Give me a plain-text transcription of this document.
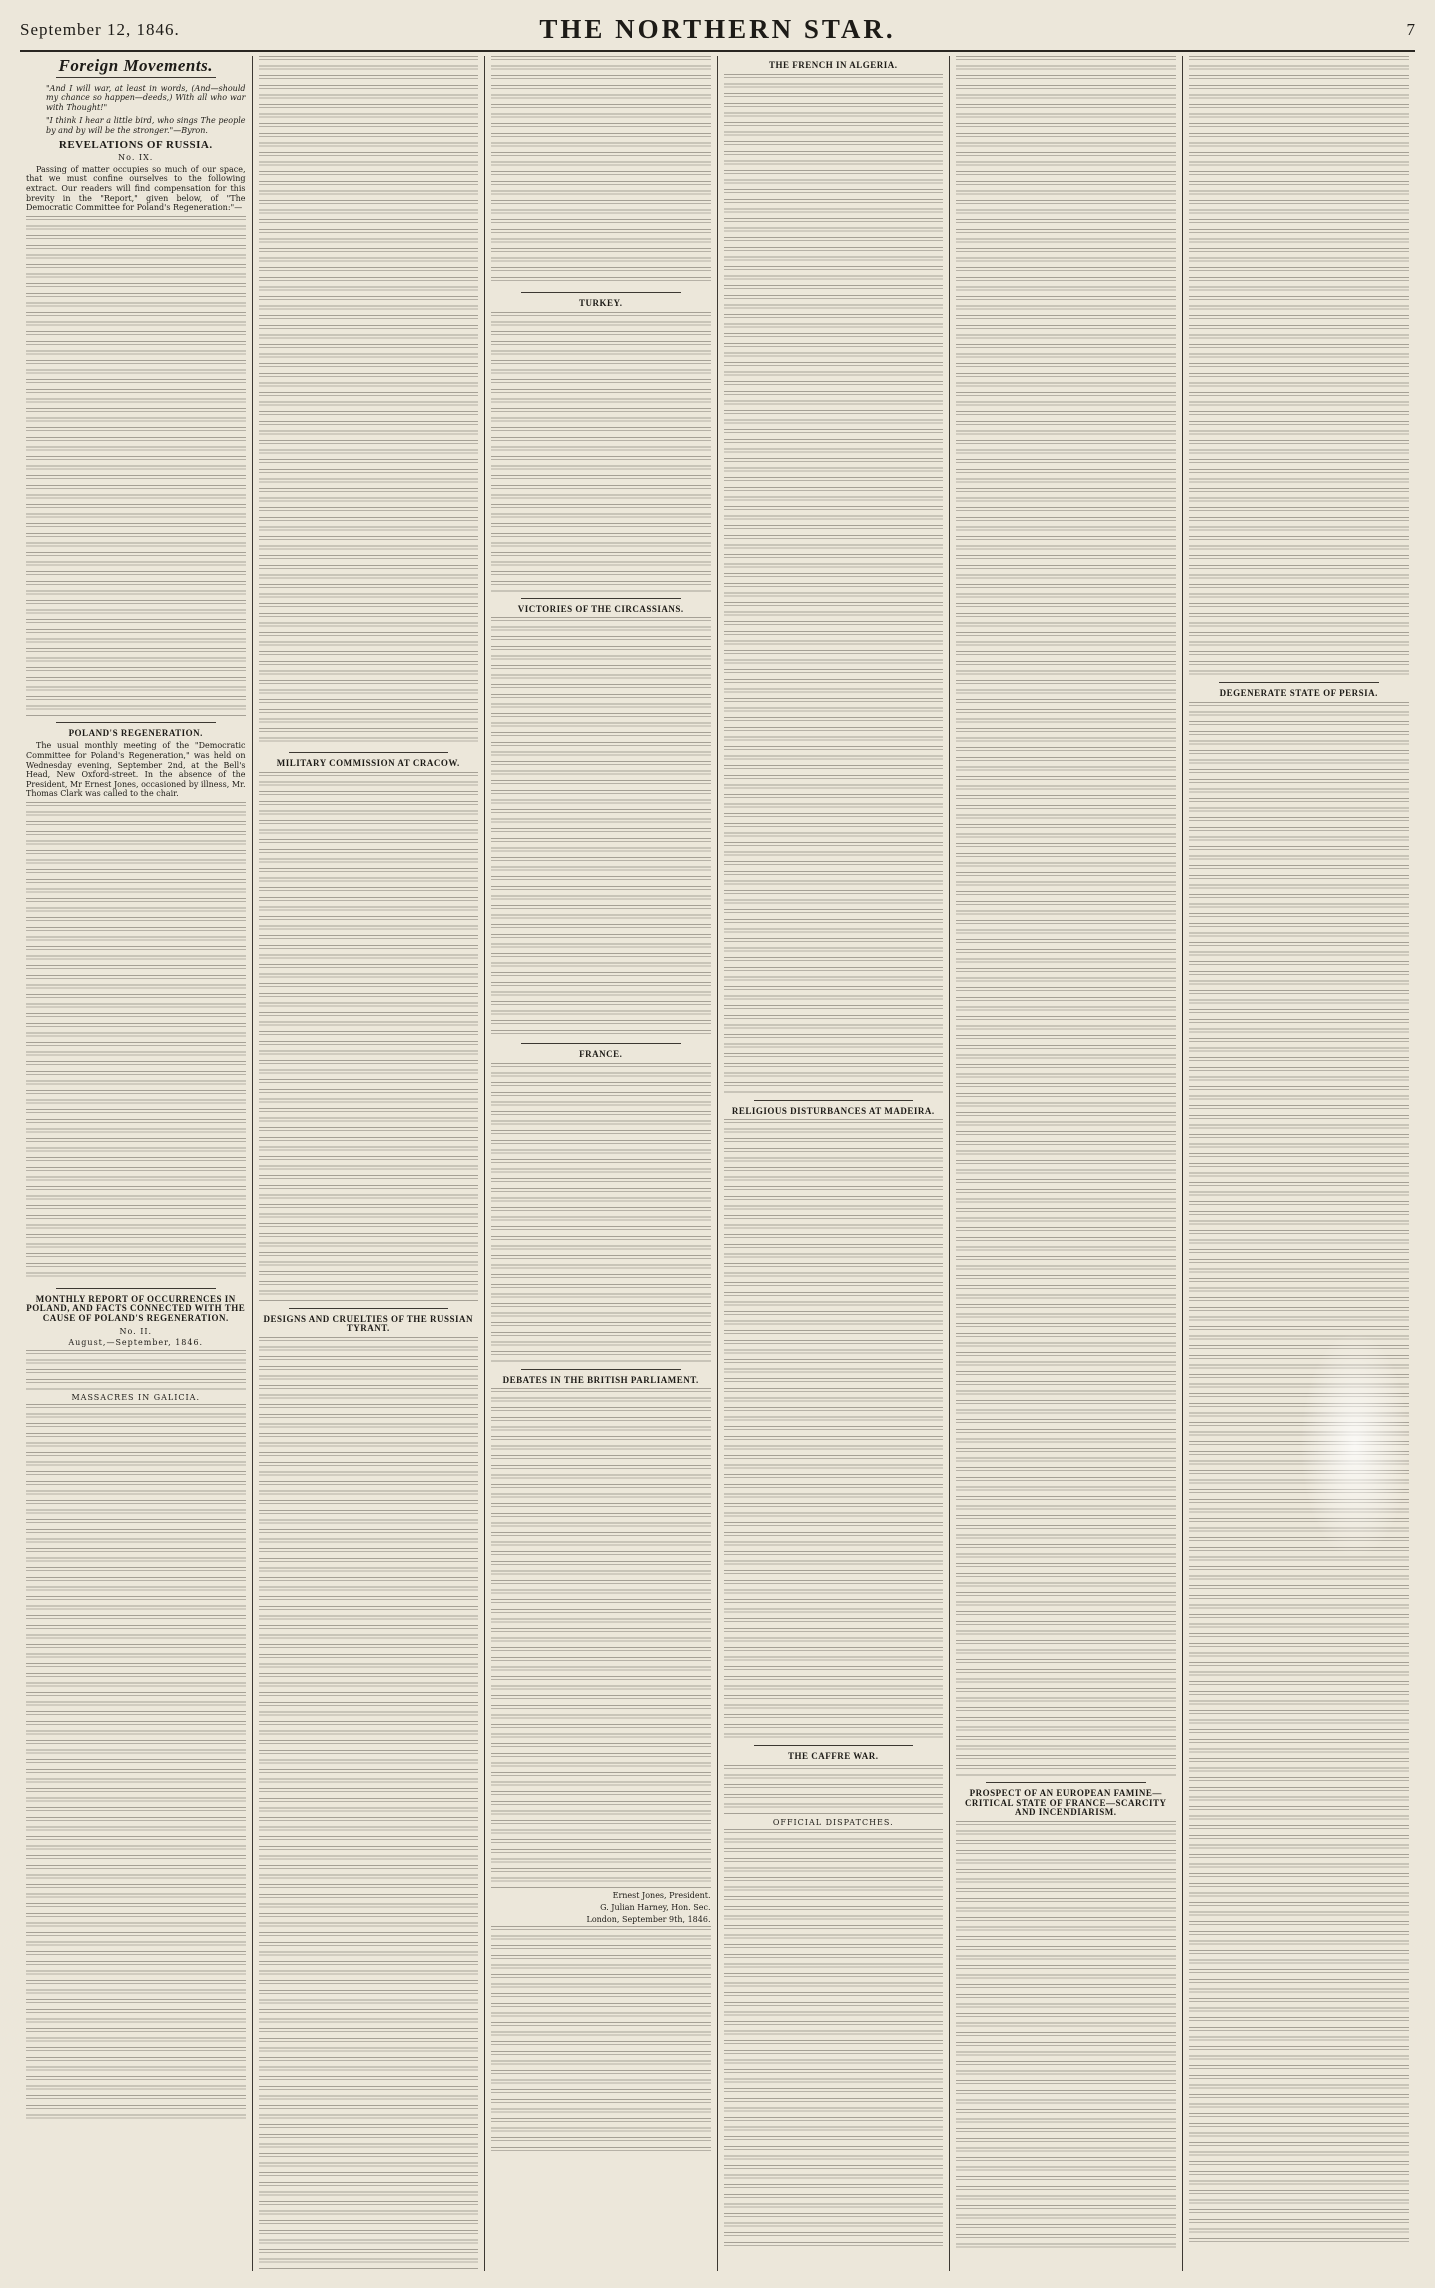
September 12, 1846.	THE NORTHERN STAR.	7
Foreign Movements.
"And I will war, at least in words, (And—should my chance so happen—deeds,) With all who war with Thought!"
"I think I hear a little bird, who sings The people by and by will be the stronger."—Byron.
REVELATIONS OF RUSSIA.
No. IX.
Passing of matter occupies so much of our space, that we must confine ourselves to the following extract. Our readers will find compensation for this brevity in the "Report," given below, of "The Democratic Committee for Poland's Regeneration:"—
POLAND'S REGENERATION.
The usual monthly meeting of the "Democratic Committee for Poland's Regeneration," was held on Wednesday evening, September 2nd, at the Bell's Head, New Oxford-street. In the absence of the President, Mr Ernest Jones, occasioned by illness, Mr. Thomas Clark was called to the chair.
MONTHLY REPORT OF OCCURRENCES IN POLAND, AND FACTS CONNECTED WITH THE CAUSE OF POLAND'S REGENERATION.
No. II.
August,—September, 1846.
MASSACRES IN GALICIA.
MILITARY COMMISSION AT CRACOW.
DESIGNS AND CRUELTIES OF THE RUSSIAN TYRANT.
TURKEY.
VICTORIES OF THE CIRCASSIANS.
FRANCE.
DEBATES IN THE BRITISH PARLIAMENT.
Ernest Jones, President.
G. Julian Harney, Hon. Sec.
London, September 9th, 1846.
THE FRENCH IN ALGERIA.
RELIGIOUS DISTURBANCES AT MADEIRA.
THE CAFFRE WAR.
OFFICIAL DISPATCHES.
PROSPECT OF AN EUROPEAN FAMINE—CRITICAL STATE OF FRANCE—SCARCITY AND INCENDIARISM.
DEGENERATE STATE OF PERSIA.
